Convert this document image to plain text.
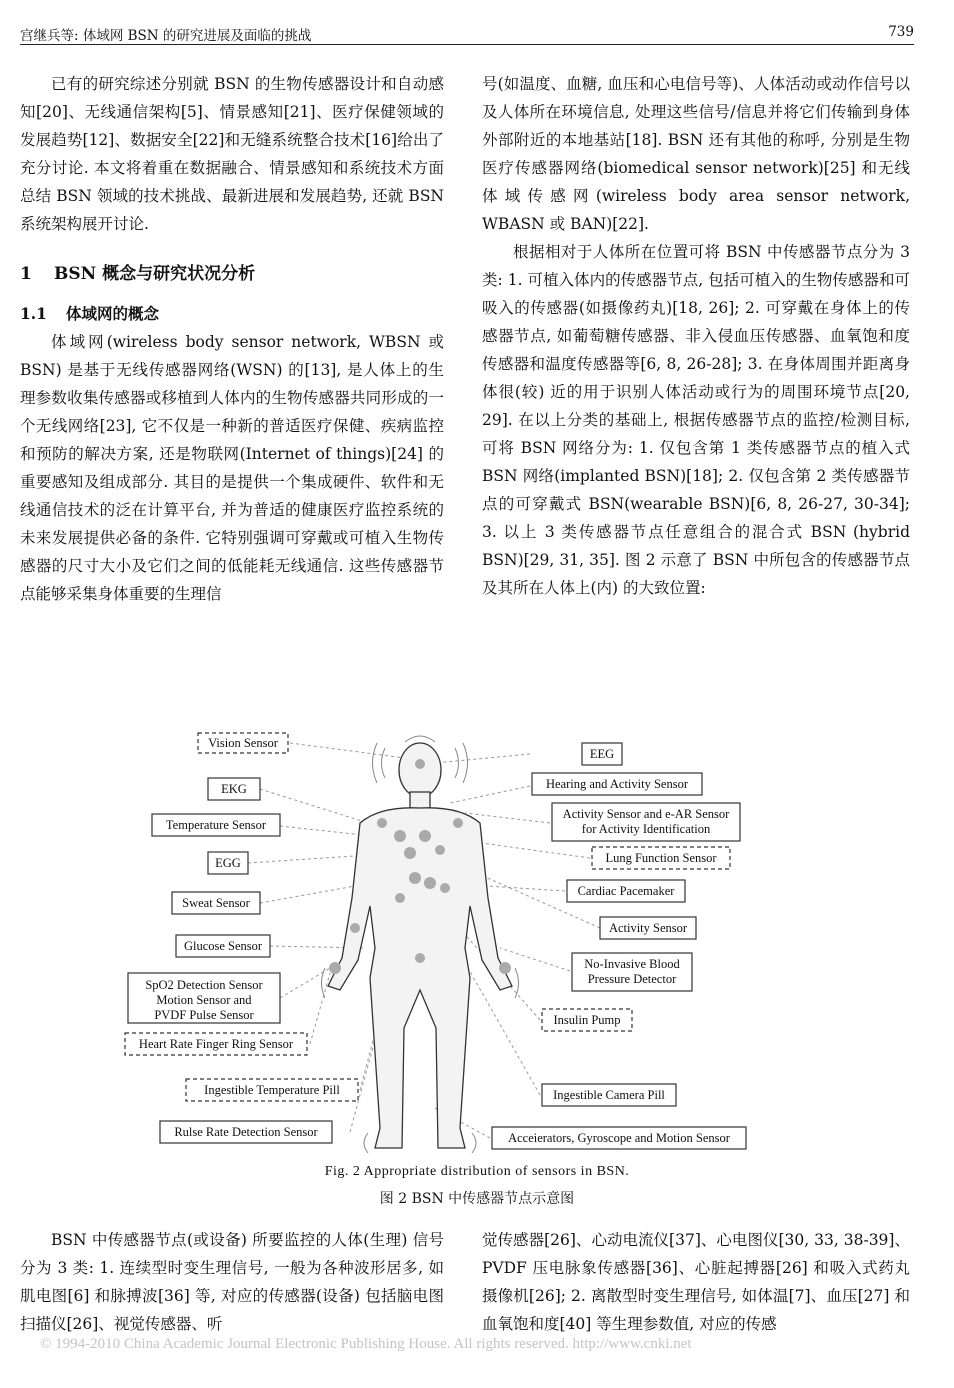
宫继兵等: 体域网 BSN 的研究进展及面临的挑战	739

已有的研究综述分别就 BSN 的生物传感器设计和自动感知[20]、无线通信架构[5]、情景感知[21]、医疗保健领域的发展趋势[12]、数据安全[22]和无缝系统整合技术[16]给出了充分讨论. 本文将着重在数据融合、情景感知和系统技术方面总结 BSN 领域的技术挑战、最新进展和发展趋势, 还就 BSN 系统架构展开讨论.

1 BSN 概念与研究状况分析
1.1 体域网的概念

体域网(wireless body sensor network, WBSN 或 BSN) 是基于无线传感器网络(WSN) 的[13], 是人体上的生理参数收集传感器或移植到人体内的生物传感器共同形成的一个无线网络[23], 它不仅是一种新的普适医疗保健、疾病监控和预防的解决方案, 还是物联网(Internet of things)[24] 的重要感知及组成部分. 其目的是提供一个集成硬件、软件和无线通信技术的泛在计算平台, 并为普适的健康医疗监控系统的未来发展提供必备的条件. 它特别强调可穿戴或可植入生物传感器的尺寸大小及它们之间的低能耗无线通信. 这些传感器节点能够采集身体重要的生理信

号(如温度、血糖, 血压和心电信号等)、人体活动或动作信号以及人体所在环境信息, 处理这些信号/信息并将它们传输到身体外部附近的本地基站[18]. BSN 还有其他的称呼, 分别是生物医疗传感器网络(biomedical sensor network)[25] 和无线体域传感网(wireless body area sensor network, WBASN 或 BAN)[22].

根据相对于人体所在位置可将 BSN 中传感器节点分为 3 类: 1. 可植入体内的传感器节点, 包括可植入的生物传感器和可吸入的传感器(如摄像药丸)[18, 26]; 2. 可穿戴在身体上的传感器节点, 如葡萄糖传感器、非入侵血压传感器、血氧饱和度传感器和温度传感器等[6, 8, 26-28]; 3. 在身体周围并距离身体很(较) 近的用于识别人体活动或行为的周围环境节点[20, 29]. 在以上分类的基础上, 根据传感器节点的监控/检测目标, 可将 BSN 网络分为: 1. 仅包含第 1 类传感器节点的植入式 BSN 网络(implanted BSN)[18]; 2. 仅包含第 2 类传感器节点的可穿戴式 BSN(wearable BSN)[6, 8, 26-27, 30-34]; 3. 以上 3 类传感器节点任意组合的混合式 BSN (hybrid BSN)[29, 31, 35]. 图 2 示意了 BSN 中所包含的传感器节点及其所在人体上(内) 的大致位置:

Vision Sensor
EKG
Temperature Sensor
EGG
Sweat Sensor
Glucose Sensor
SpO2 Detection Sensor
Motion Sensor and
PVDF Pulse Sensor
Heart Rate Finger Ring Sensor
Ingestible Temperature Pill
Rulse Rate Detection Sensor
EEG
Hearing and Activity Sensor
Activity Sensor and e-AR Sensor
for Activity Identification
Lung Function Sensor
Cardiac Pacemaker
Activity Sensor
No-Invasive Blood
Pressure Detector
Insulin Pump
Ingestible Camera Pill
Acceierators, Gyroscope and Motion Sensor
Fig. 2 Appropriate distribution of sensors in BSN.
图 2 BSN 中传感器节点示意图

BSN 中传感器节点(或设备) 所要监控的人体(生理) 信号分为 3 类: 1. 连续型时变生理信号, 一般为各种波形居多, 如肌电图[6] 和脉搏波[36] 等, 对应的传感器(设备) 包括脑电图扫描仪[26]、视觉传感器、听

觉传感器[26]、心动电流仪[37]、心电图仪[30, 33, 38-39]、PVDF 压电脉象传感器[36]、心脏起搏器[26] 和吸入式药丸摄像机[26]; 2. 离散型时变生理信号, 如体温[7]、血压[27] 和血氧饱和度[40] 等生理参数值, 对应的传感

© 1994-2010 China Academic Journal Electronic Publishing House. All rights reserved. http://www.cnki.net
